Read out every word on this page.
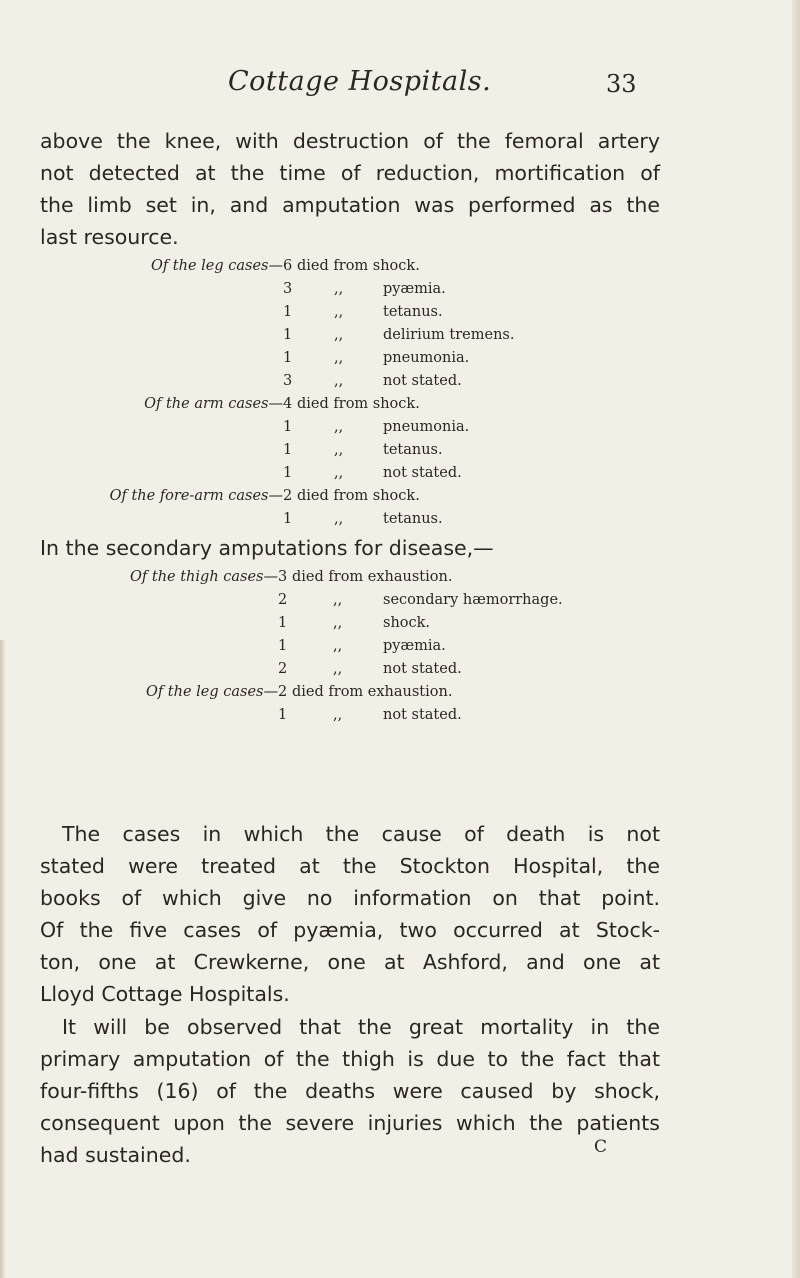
Cottage Hospitals.	33
above the knee, with destruction of the femoral artery
not detected at the time of reduction, mortification of
the limb set in, and amputation was performed as the
last resource.
Of the leg cases— 6 died from shock.
3	,,	pyæmia.
1	,,	tetanus.
1	,,	delirium tremens.
1	,,	pneumonia.
3	,,	not stated.
Of the arm cases— 4 died from shock.
1	,,	pneumonia.
1	,,	tetanus.
1	,,	not stated.
Of the fore-arm cases— 2 died from shock.
1	,,	tetanus.
In the secondary amputations for disease,—
Of the thigh cases— 3 died from exhaustion.
2	,,	secondary hæmorrhage.
1	,,	shock.
1	,,	pyæmia.
2	,,	not stated.
Of the leg cases— 2 died from exhaustion.
1	,,	not stated.
The cases in which the cause of death is not
stated were treated at the Stockton Hospital, the
books of which give no information on that point.
Of the five cases of pyæmia, two occurred at Stock-
ton, one at Crewkerne, one at Ashford, and one at
Lloyd Cottage Hospitals.
It will be observed that the great mortality in the
primary amputation of the thigh is due to the fact that
four-fifths (16) of the deaths were caused by shock,
consequent upon the severe injuries which the patients
had sustained.	C
